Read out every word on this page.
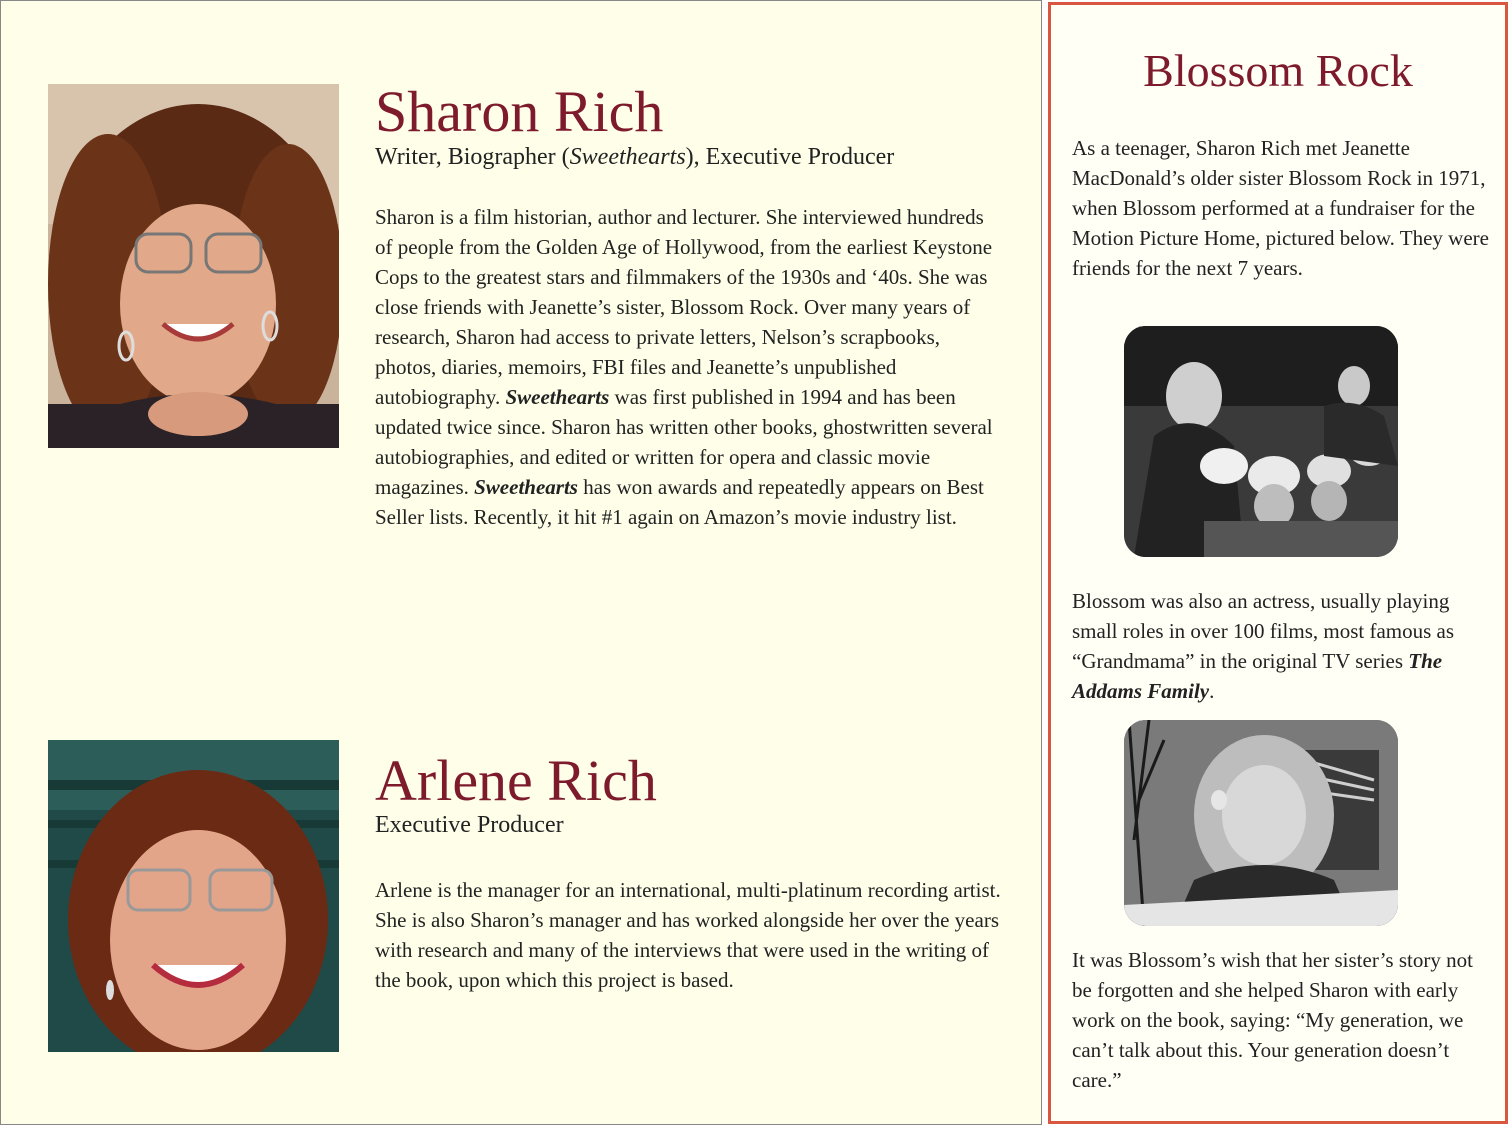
Sharon Rich

Writer, Biographer (Sweethearts), Executive Producer

Sharon is a film historian, author and lecturer. She interviewed hundreds of people from the Golden Age of Hollywood, from the earliest Keystone Cops to the greatest stars and filmmakers of the 1930s and ‘40s. She was close friends with Jeanette’s sister, Blossom Rock. Over many years of research, Sharon had access to private letters, Nelson’s scrapbooks, photos, diaries, memoirs, FBI files and Jeanette’s unpublished autobiography. Sweethearts was first published in 1994 and has been updated twice since. Sharon has written other books, ghostwritten several autobiographies, and edited or written for opera and classic movie magazines. Sweethearts has won awards and repeatedly appears on Best Seller lists. Recently, it hit #1 again on Amazon’s movie industry list.

Arlene Rich

Executive Producer

Arlene is the manager for an international, multi-platinum recording artist. She is also Sharon’s manager and has worked alongside her over the years with research and many of the interviews that were used in the writing of the book, upon which this project is based.

Blossom Rock

As a teenager, Sharon Rich met Jeanette MacDonald’s older sister Blossom Rock in 1971, when Blossom performed at a fundraiser for the Motion Picture Home, pictured below. They were friends for the next 7 years.

Blossom was also an actress, usually playing small roles in over 100 films, most famous as “Grandmama” in the original TV series The Addams Family.

It was Blossom’s wish that her sister’s story not be forgotten and she helped Sharon with early work on the book, saying: “My generation, we can’t talk about this. Your generation doesn’t care.”
